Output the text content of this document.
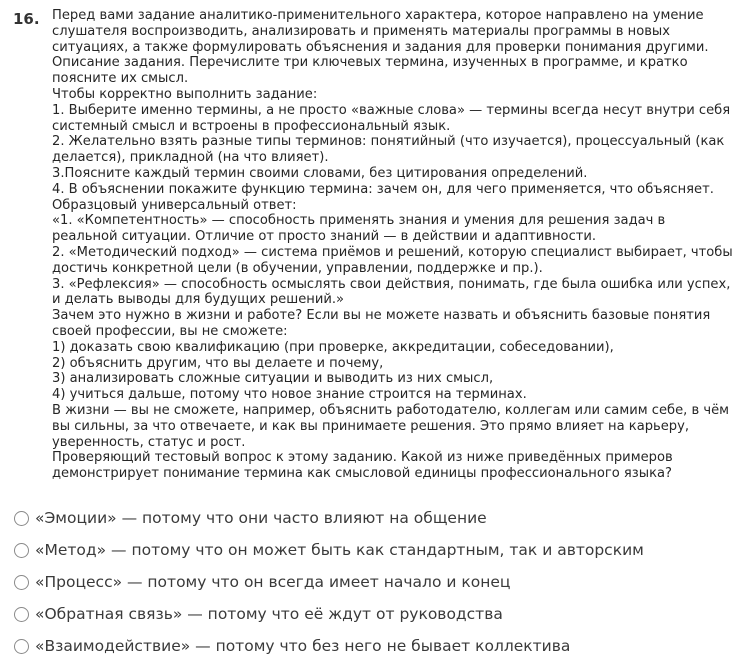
16. Перед вами задание аналитико-применительного характера, которое направлено на умение
слушателя воспроизводить, анализировать и применять материалы программы в новых
ситуациях, а также формулировать объяснения и задания для проверки понимания другими.
Описание задания. Перечислите три ключевых термина, изученных в программе, и кратко
поясните их смысл.
Чтобы корректно выполнить задание:
1. Выберите именно термины, а не просто «важные слова» — термины всегда несут внутри себя
системный смысл и встроены в профессиональный язык.
2. Желательно взять разные типы терминов: понятийный (что изучается), процессуальный (как
делается), прикладной (на что влияет).
3.Поясните каждый термин своими словами, без цитирования определений.
4. В объяснении покажите функцию термина: зачем он, для чего применяется, что объясняет.
Образцовый универсальный ответ:
«1. «Компетентность» — способность применять знания и умения для решения задач в
реальной ситуации. Отличие от просто знаний — в действии и адаптивности.
2. «Методический подход» — система приёмов и решений, которую специалист выбирает, чтобы
достичь конкретной цели (в обучении, управлении, поддержке и пр.).
3. «Рефлексия» — способность осмыслять свои действия, понимать, где была ошибка или успех,
и делать выводы для будущих решений.»
Зачем это нужно в жизни и работе? Если вы не можете назвать и объяснить базовые понятия
своей профессии, вы не сможете:
1) доказать свою квалификацию (при проверке, аккредитации, собеседовании),
2) объяснить другим, что вы делаете и почему,
3) анализировать сложные ситуации и выводить из них смысл,
4) учиться дальше, потому что новое знание строится на терминах.
В жизни — вы не сможете, например, объяснить работодателю, коллегам или самим себе, в чём
вы сильны, за что отвечаете, и как вы принимаете решения. Это прямо влияет на карьеру,
уверенность, статус и рост.
Проверяющий тестовый вопрос к этому заданию. Какой из ниже приведённых примеров
демонстрирует понимание термина как смысловой единицы профессионального языка?
«Эмоции» — потому что они часто влияют на общение
«Метод» — потому что он может быть как стандартным, так и авторским
«Процесс» — потому что он всегда имеет начало и конец
«Обратная связь» — потому что её ждут от руководства
«Взаимодействие» — потому что без него не бывает коллектива
